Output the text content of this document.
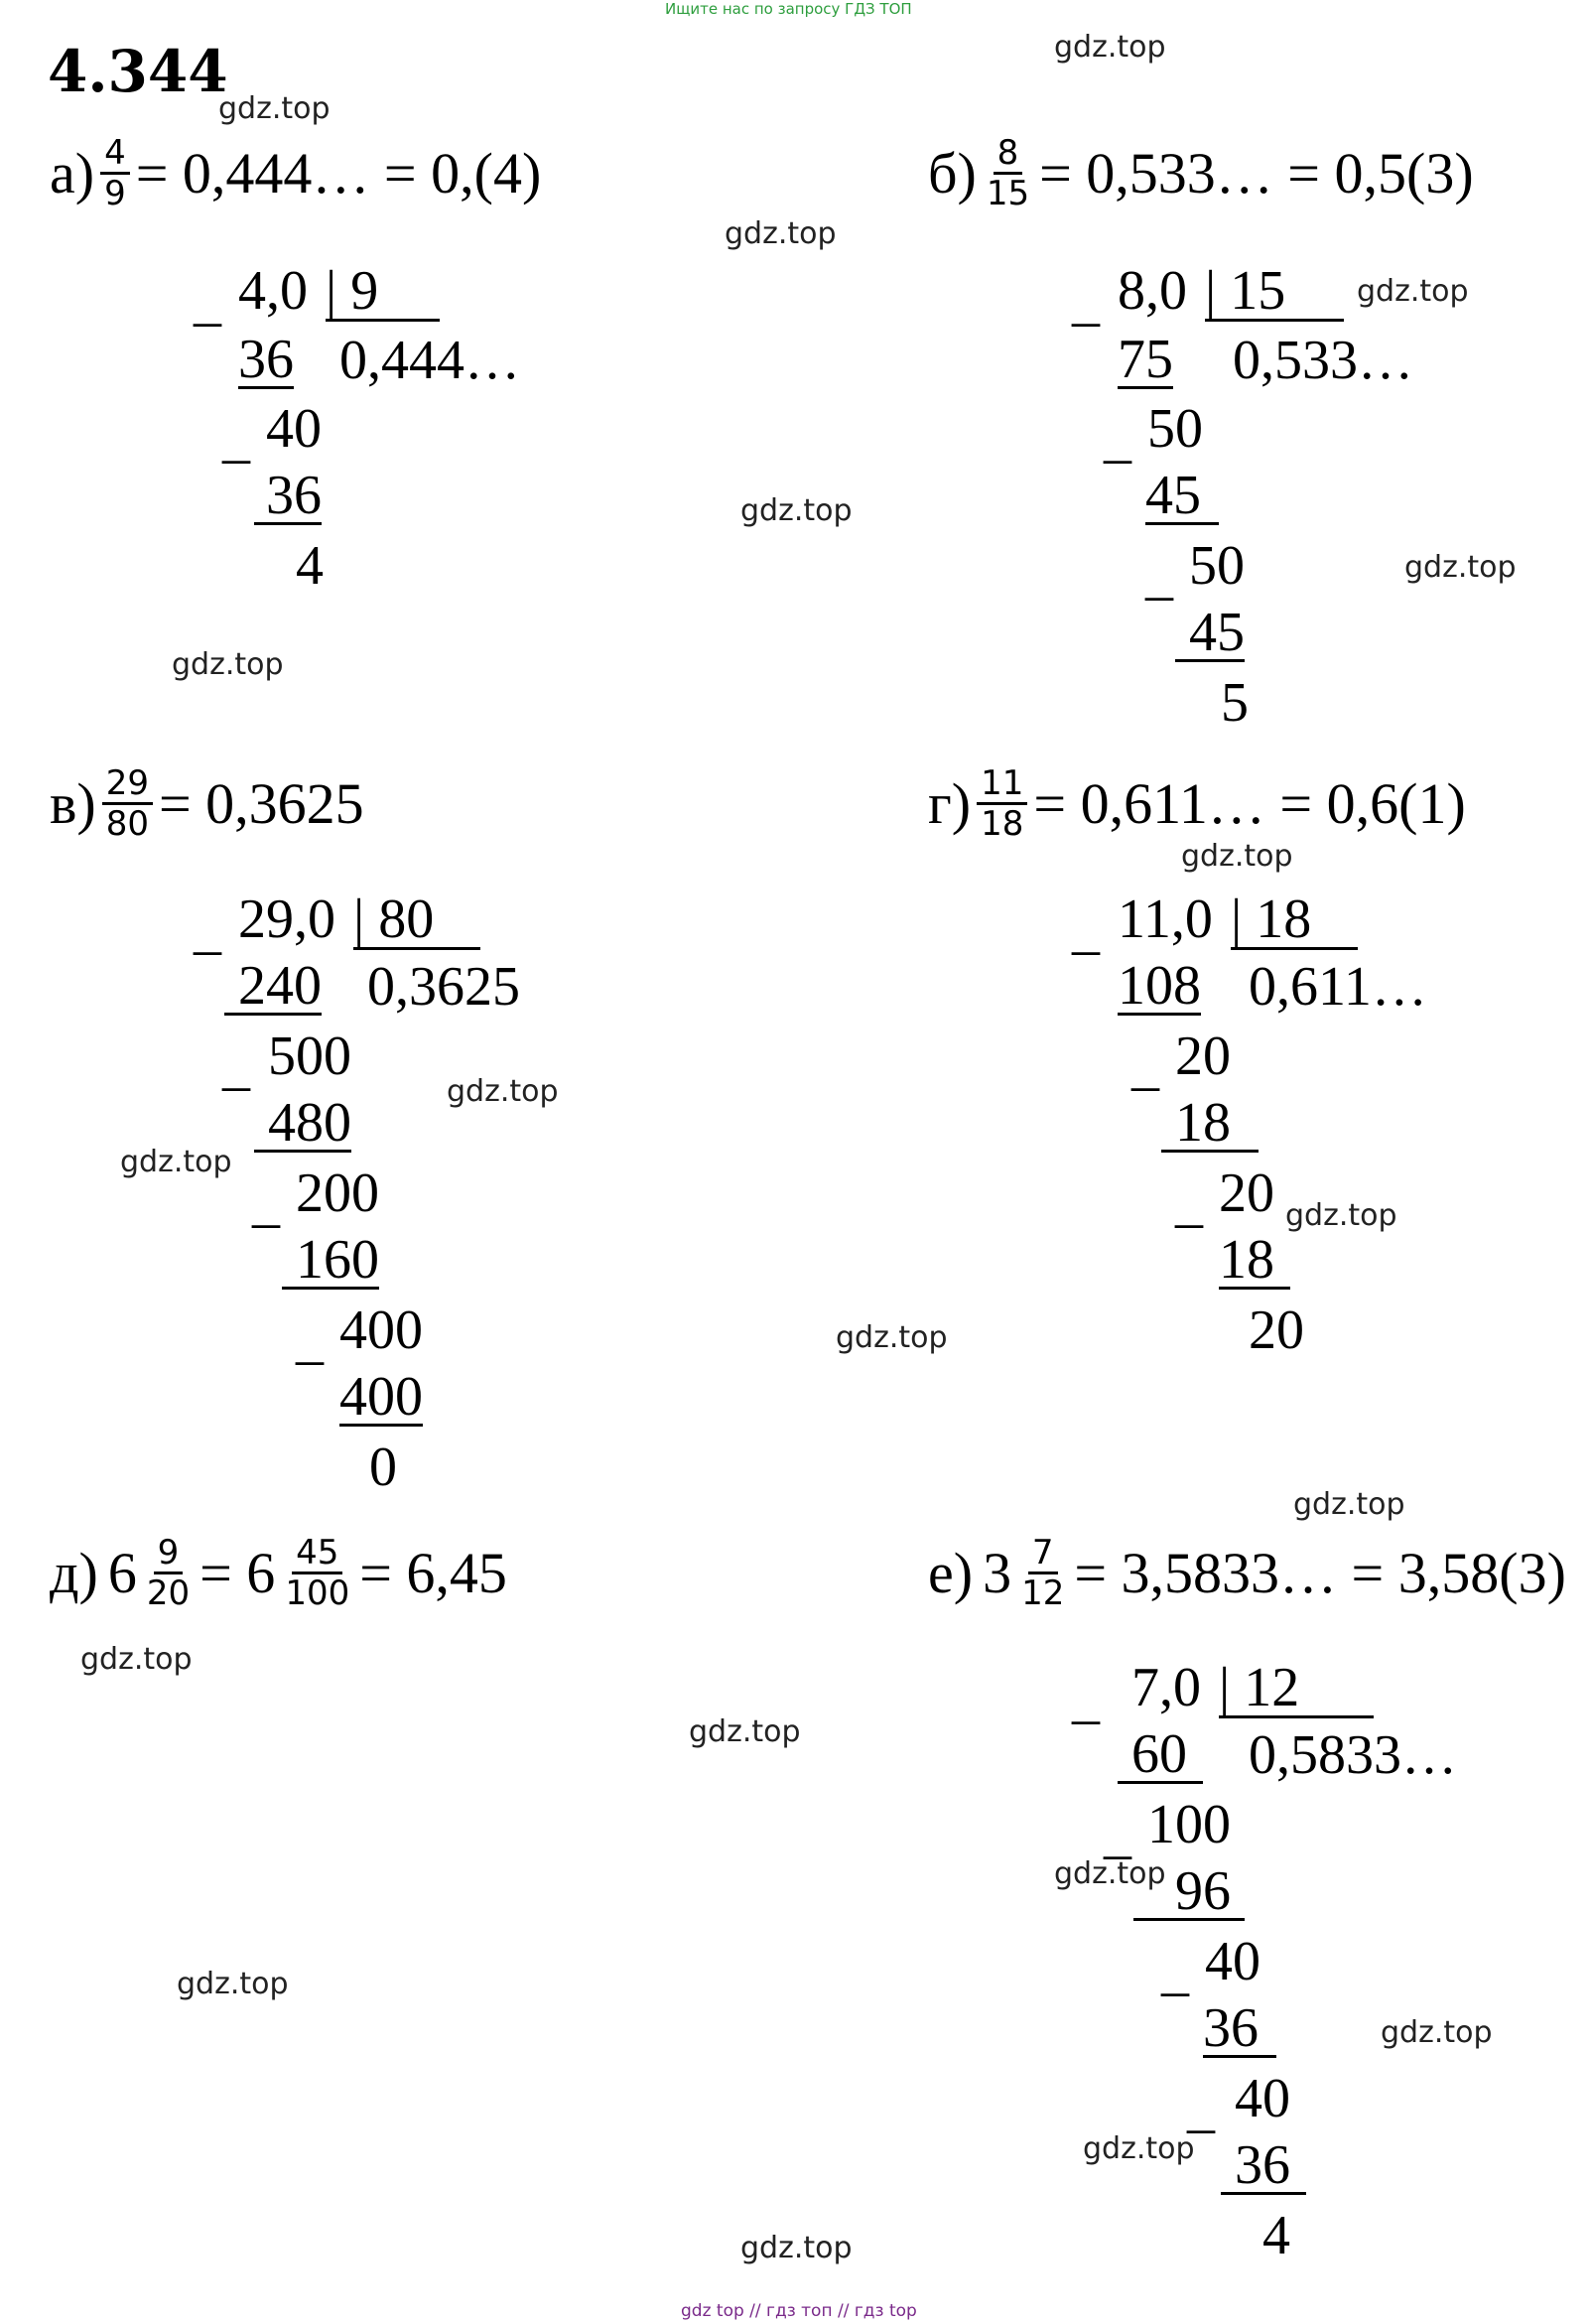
Ищите нас по запросу ГДЗ ТОП
4.344	gdz.top
gdz.top
gdz.top
gdz.top
gdz.top
gdz.top
gdz.top
gdz.top
gdz.top
gdz.top
gdz.top
gdz.top
gdz.top
gdz.top
gdz.top
gdz.top
gdz.top
gdz.top
gdz.top
gdz.top
$а) \frac{4}{9}$ = 0,444… = 0,(4)
_ 4,0 | 9
36 0,444…
_ 40
36
4
$б) \frac{8}{15}$ = 0,533… = 0,5(3)
_ 8,0 | 15
75 0,533…
_ 50
45
_ 50
45
5
$в) \frac{29}{80} = 0,3625$
_ 29,0 | 80
240 0,3625
_ 500
480
_ 200
160
_ 400
400
0
$г) \frac{11}{18}$ = 0,611… = 0,6(1)
_ 11,0 | 18
108 0,611…
_ 20
18
_ 20
18
20
д) $6 \frac{9}{20} = 6 \frac{45}{100} = 6,45$	е) $3 \frac{7}{12}$ = 3,5833… = 3,58(3)
_ 7,0 | 12
60 0,5833…
_ 100
96
_ 40
36
_ 40
36
4
gdz top // гдз топ // гдз top
